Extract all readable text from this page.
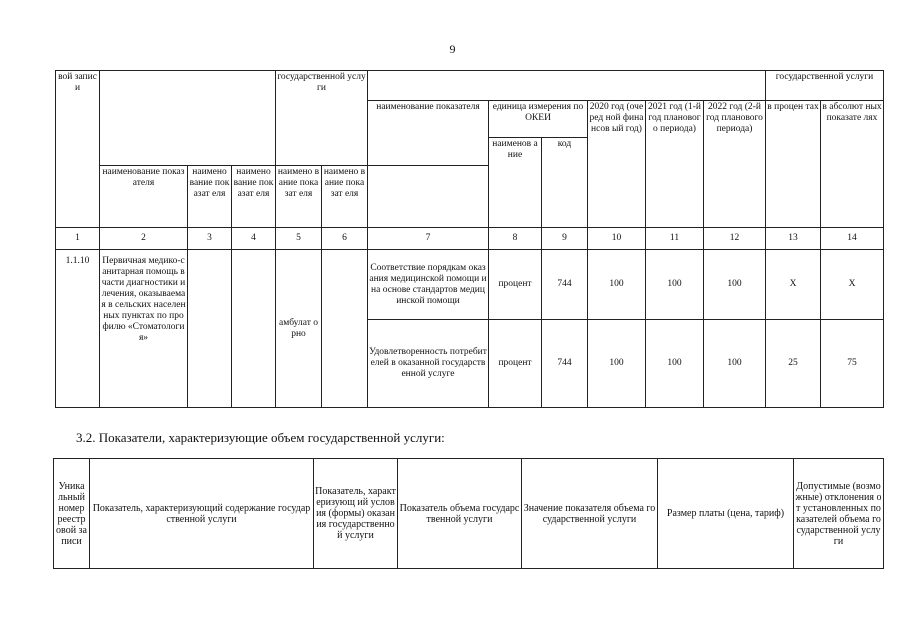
9
вой записи				государственной услуги								государственной услуги	
						наименование показателя	единица измерения по ОКЕИ		2020 год (очеред ной финансов ый год)	2021 год (1-й год планового периода)	2022 год (2-й год планового периода)	в процен тах	в абсолют ных показате лях
							наименов ание	код					
	наименование показателя	наимено вание показат еля	наимено вание показат еля	наимено вание показат еля	наимено вание показат еля								
1	2	3	4	5	6	7	8	9	10	11	12	13	14
1.1.10	Первичная медико-санитарная помощь в части диагностики и лечения, оказываемая в сельских населенных пунктах по профилю «Стоматология»			амбулат орно		Соответствие порядкам оказания медицинской помощи и на основе стандартов медицинской помощи	процент	744	100	100	100	Х	Х
						Удовлетворенность потребителей в оказанной государственной услуге	процент	744	100	100	100	25	75
3.2. Показатели, характеризующие объем государственной услуги:
Уника льный номер реестр овой записи	Показатель, характеризующий содержание государственной услуги	Показатель, характеризующ ий условия (формы) оказания государственно й услуги	Показатель объема государственной услуги	Значение показателя объема государственной услуги	Размер платы (цена, тариф)	Допустимые (возможные) отклонения от установленных показателей объема государственной услуги
